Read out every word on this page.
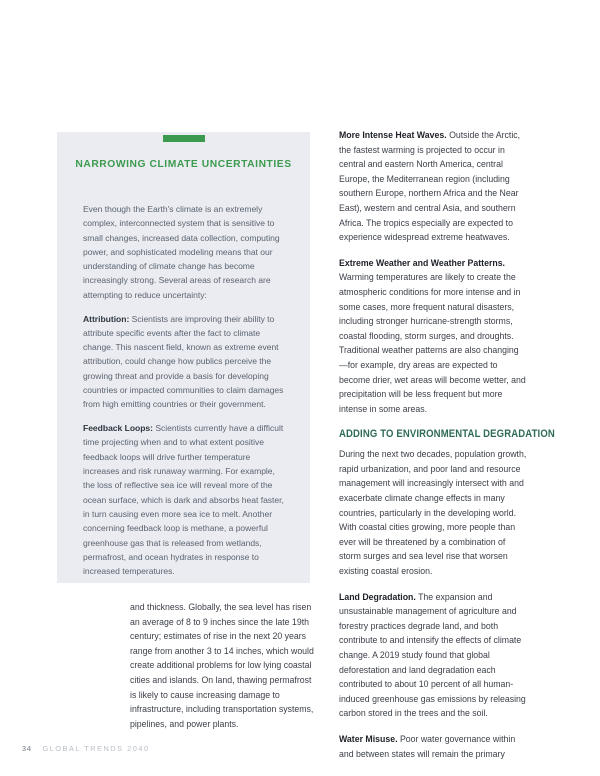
NARROWING CLIMATE UNCERTAINTIES

Even though the Earth's climate is an extremely complex, interconnected system that is sensitive to small changes, increased data collection, computing power, and sophisticated modeling means that our understanding of climate change has become increasingly strong. Several areas of research are attempting to reduce uncertainty:

Attribution: Scientists are improving their ability to attribute specific events after the fact to climate change. This nascent field, known as extreme event attribution, could change how publics perceive the growing threat and provide a basis for developing countries or impacted communities to claim damages from high emitting countries or their government.

Feedback Loops: Scientists currently have a difficult time projecting when and to what extent positive feedback loops will drive further temperature increases and risk runaway warming. For example, the loss of reflective sea ice will reveal more of the ocean surface, which is dark and absorbs heat faster, in turn causing even more sea ice to melt. Another concerning feedback loop is methane, a powerful greenhouse gas that is released from wetlands, permafrost, and ocean hydrates in response to increased temperatures.

and thickness. Globally, the sea level has risen an average of 8 to 9 inches since the late 19th century; estimates of rise in the next 20 years range from another 3 to 14 inches, which would create additional problems for low lying coastal cities and islands. On land, thawing permafrost is likely to cause increasing damage to infrastructure, including transportation systems, pipelines, and power plants.

More Intense Heat Waves. Outside the Arctic, the fastest warming is projected to occur in central and eastern North America, central Europe, the Mediterranean region (including southern Europe, northern Africa and the Near East), western and central Asia, and southern Africa. The tropics especially are expected to experience widespread extreme heatwaves.

Extreme Weather and Weather Patterns. Warming temperatures are likely to create the atmospheric conditions for more intense and in some cases, more frequent natural disasters, including stronger hurricane-strength storms, coastal flooding, storm surges, and droughts. Traditional weather patterns are also changing—for example, dry areas are expected to become drier, wet areas will become wetter, and precipitation will be less frequent but more intense in some areas.

ADDING TO ENVIRONMENTAL DEGRADATION

During the next two decades, population growth, rapid urbanization, and poor land and resource management will increasingly intersect with and exacerbate climate change effects in many countries, particularly in the developing world. With coastal cities growing, more people than ever will be threatened by a combination of storm surges and sea level rise that worsen existing coastal erosion.

Land Degradation. The expansion and unsustainable management of agriculture and forestry practices degrade land, and both contribute to and intensify the effects of climate change. A 2019 study found that global deforestation and land degradation each contributed to about 10 percent of all human-induced greenhouse gas emissions by releasing carbon stored in the trees and the soil.

Water Misuse. Poor water governance within and between states will remain the primary

34 GLOBAL TRENDS 2040
